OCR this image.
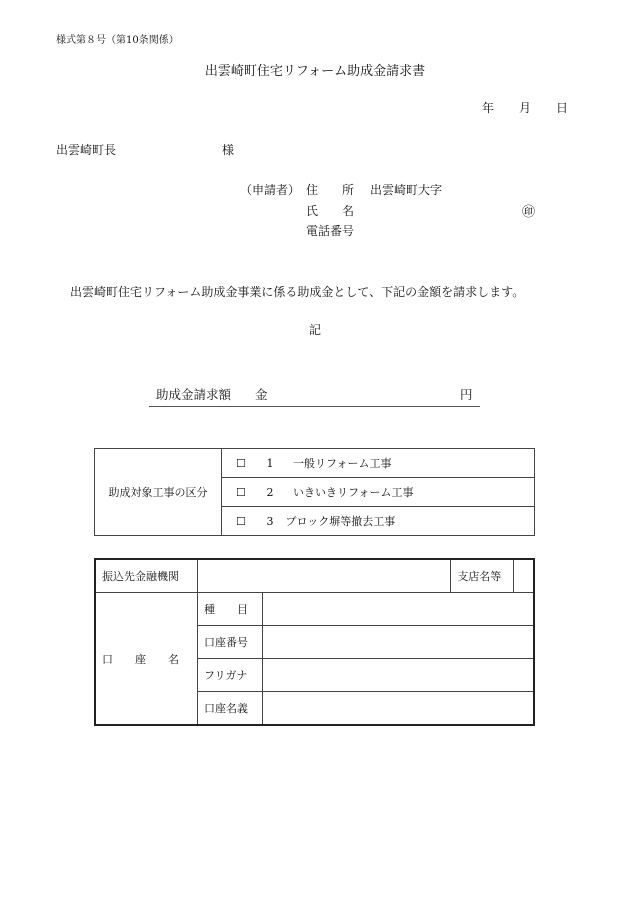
様式第８号（第10条関係）
出雲崎町住宅リフォーム助成金請求書
年 月 日
出雲崎町長	様
（申請者） 住　　所 出雲崎町大字
氏　　名	㊞
電話番号
出雲崎町住宅リフォーム助成金事業に係る助成金として、下記の金額を請求します。
記
助成金請求額 金	円
助成対象工事の区分	☐ 1　 一般リフォーム工事
☐ 2　 いきいきリフォーム工事
☐ 3 ブロック塀等撤去工事
振込先金融機関			支店名等	
口　　座　　名	種　　目			
	口座番号			
	フリガナ			
	口座名義			
